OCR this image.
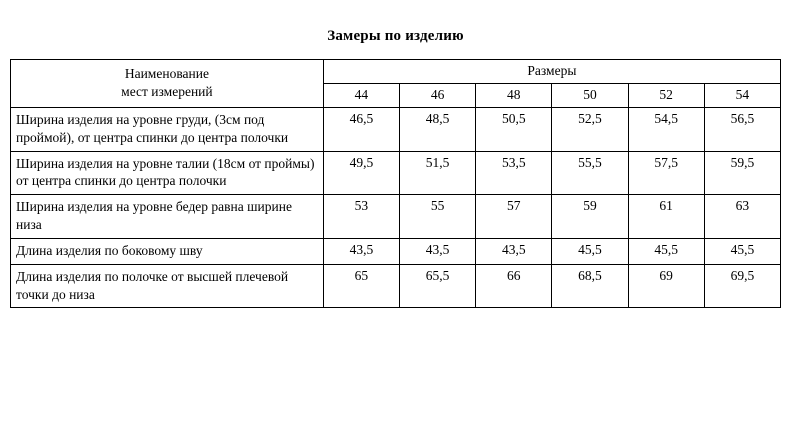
Замеры по изделию
Наименование
мест измерений	Размеры					
	44	46	48	50	52	54
Ширина изделия на уровне груди, (3см под проймой), от центра спинки до центра полочки	46,5	48,5	50,5	52,5	54,5	56,5
Ширина изделия на уровне талии (18см от проймы) от центра спинки до центра полочки	49,5	51,5	53,5	55,5	57,5	59,5
Ширина изделия на уровне бедер равна ширине низа	53	55	57	59	61	63
Длина изделия по боковому шву	43,5	43,5	43,5	45,5	45,5	45,5
Длина изделия по полочке от высшей плечевой точки до низа	65	65,5	66	68,5	69	69,5
